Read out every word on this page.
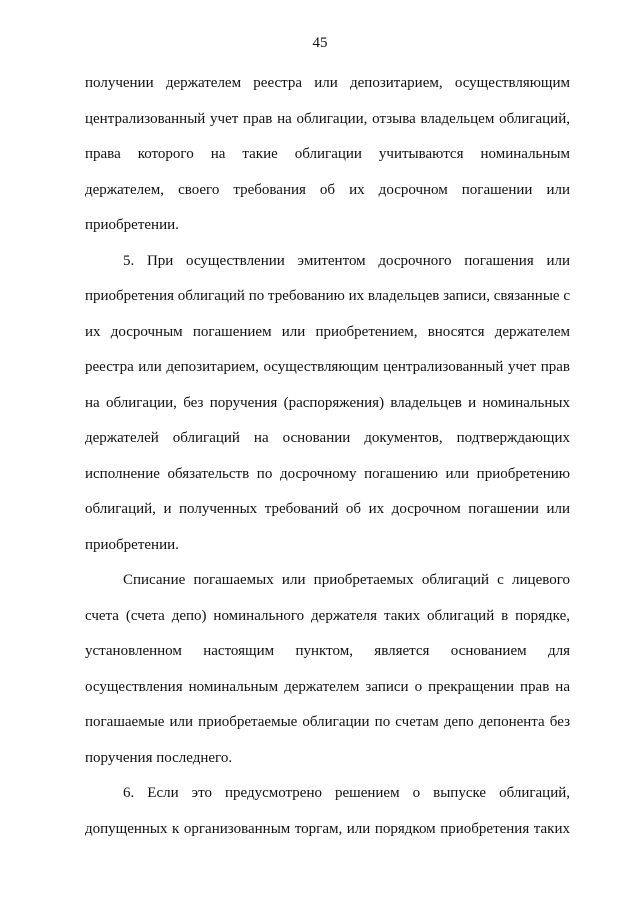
45

получении держателем реестра или депозитарием, осуществляющим
централизованный учет прав на облигации, отзыва владельцем облигаций,
права которого на такие облигации учитываются номинальным
держателем, своего требования об их досрочном погашении или
приобретении.

5. При осуществлении эмитентом досрочного погашения или
приобретения облигаций по требованию их владельцев записи, связанные с
их досрочным погашением или приобретением, вносятся держателем
реестра или депозитарием, осуществляющим централизованный учет прав
на облигации, без поручения (распоряжения) владельцев и номинальных
держателей облигаций на основании документов, подтверждающих
исполнение обязательств по досрочному погашению или приобретению
облигаций, и полученных требований об их досрочном погашении или
приобретении.

Списание погашаемых или приобретаемых облигаций с лицевого
счета (счета депо) номинального держателя таких облигаций в порядке,
установленном настоящим пунктом, является основанием для
осуществления номинальным держателем записи о прекращении прав на
погашаемые или приобретаемые облигации по счетам депо депонента без
поручения последнего.

6. Если это предусмотрено решением о выпуске облигаций,
допущенных к организованным торгам, или порядком приобретения таких
